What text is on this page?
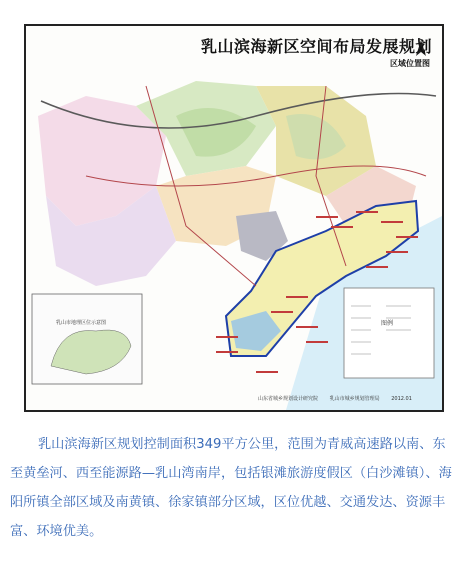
乳山滨海新区空间布局发展规划
区域位置图
乳山市地理区位示意图	图例
山东省城乡规划设计研究院 乳山市城乡规划管理局 2012.01
乳山滨海新区规划控制面积349平方公里，范围为青威高速路以南、东至黄垒河、西至能源路—乳山湾南岸，包括银滩旅游度假区（白沙滩镇）、海阳所镇全部区域及南黄镇、徐家镇部分区域，区位优越、交通发达、资源丰富、环境优美。
